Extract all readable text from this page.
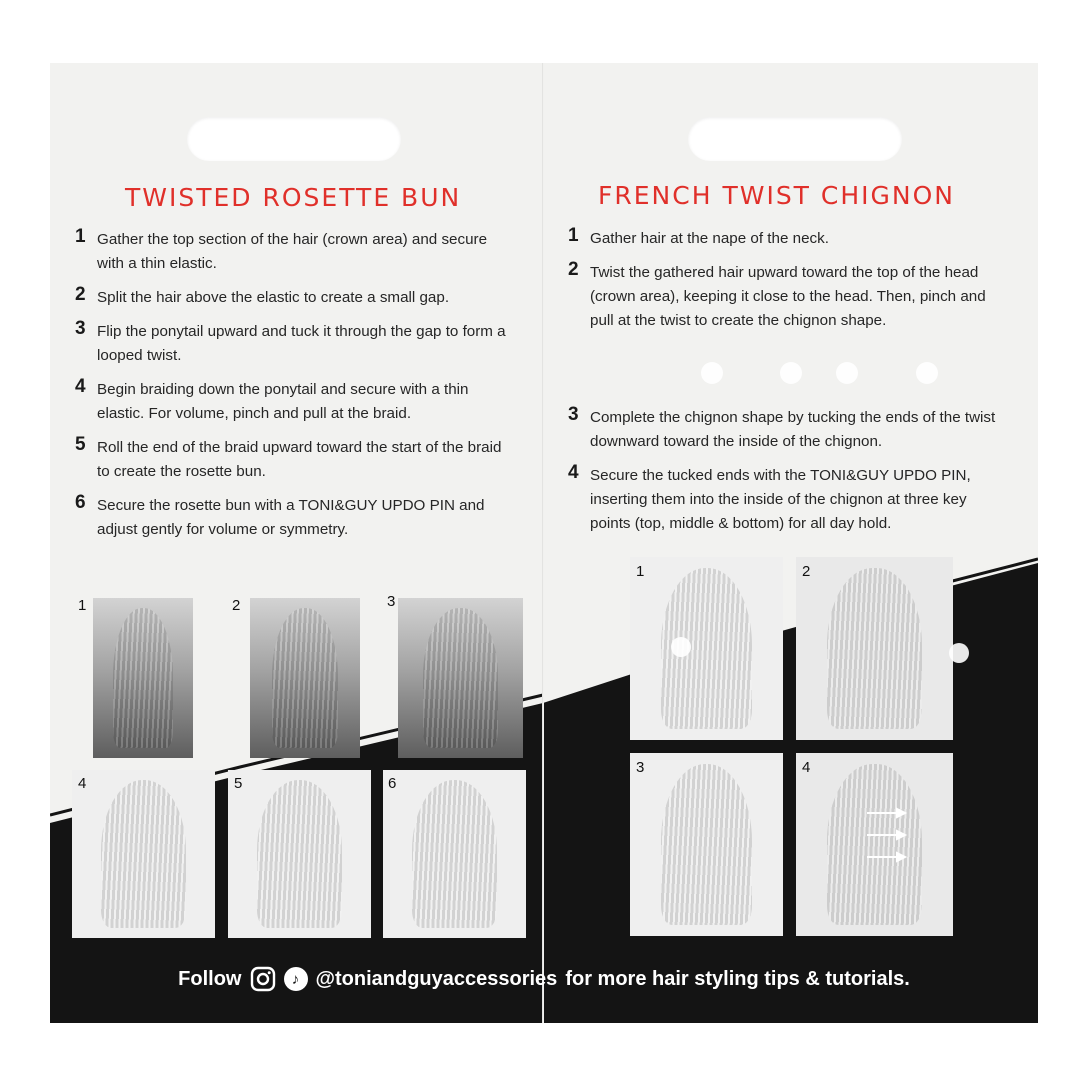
TWISTED ROSETTE BUN
1 Gather the top section of the hair (crown area) and secure with a thin elastic.
2 Split the hair above the elastic to create a small gap.
3 Flip the ponytail upward and tuck it through the gap to form a looped twist.
4 Begin braiding down the ponytail and secure with a thin elastic. For volume, pinch and pull at the braid.
5 Roll the end of the braid upward toward the start of the braid to create the rosette bun.
6 Secure the rosette bun with a TONI&GUY UPDO PIN and adjust gently for volume or symmetry.
1	2	3
4	5	6
FRENCH TWIST CHIGNON
1 Gather hair at the nape of the neck.
2 Twist the gathered hair upward toward the top of the head (crown area), keeping it close to the head. Then, pinch and pull at the twist to create the chignon shape.
3 Complete the chignon shape by tucking the ends of the twist downward toward the inside of the chignon.
4 Secure the tucked ends with the TONI&GUY UPDO PIN, inserting them into the inside of the chignon at three key points (top, middle & bottom) for all day hold.
1	2
3	4
Follow	♪ @toniandguyaccessories for more hair styling tips & tutorials.
